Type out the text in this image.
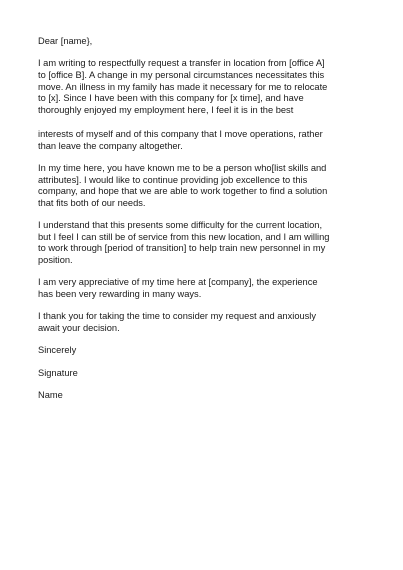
Dear [name},

I am writing to respectfully request a transfer in location from [office A]
to [office B]. A change in my personal circumstances necessitates this
move. An illness in my family has made it necessary for me to relocate
to [x]. Since I have been with this company for [x time], and have
thoroughly enjoyed my employment here, I feel it is in the best

interests of myself and of this company that I move operations, rather
than leave the company altogether.

In my time here, you have known me to be a person who[list skills and
attributes]. I would like to continue providing job excellence to this
company, and hope that we are able to work together to find a solution
that fits both of our needs.

I understand that this presents some difficulty for the current location,
but I feel I can still be of service from this new location, and I am willing
to work through [period of transition] to help train new personnel in my
position.

I am very appreciative of my time here at [company], the experience
has been very rewarding in many ways.

I thank you for taking the time to consider my request and anxiously
await your decision.

Sincerely

Signature

Name
